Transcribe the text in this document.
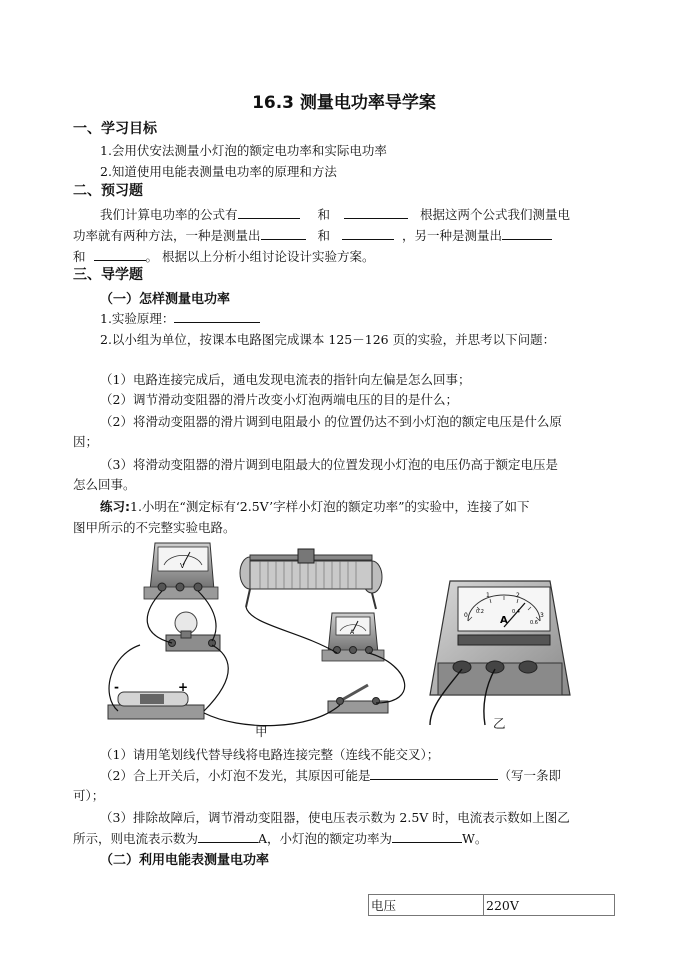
16.3 测量电功率导学案
一、学习目标
1.会用伏安法测量小灯泡的额定电功率和实际电功率
2.知道使用电能表测量电功率的原理和方法
二、预习题
我们计算电功率的公式有	和	根据这两个公式我们测量电
功率就有两种方法，一种是测量出	和	，另一种是测量出
和	。 根据以上分析小组讨论设计实验方案。
三、导学题
（一）怎样测量电功率
1.实验原理：
2.以小组为单位，按课本电路图完成课本 125－126 页的实验，并思考以下问题：
（1）电路连接完成后，通电发现电流表的指针向左偏是怎么回事；
（2）调节滑动变阻器的滑片改变小灯泡两端电压的目的是什么；
（2）将滑动变阻器的滑片调到电阻最小 的位置仍达不到小灯泡的额定电压是什么原
因；
（3）将滑动变阻器的滑片调到电阻最大的位置发现小灯泡的电压仍高于额定电压是
怎么回事。
练习:1.小明在“测定标有‘2.5V’字样小灯泡的额定功率”的实验中，连接了如下
图甲所示的不完整实验电路。
V
A
-	+
0
1	2
3
0.2	0.4
0.6
A
甲
乙
（1）请用笔划线代替导线将电路连接完整（连线不能交叉）；
（2）合上开关后，小灯泡不发光，其原因可能是	（写一条即
可）；
（3）排除故障后，调节滑动变阻器，使电压表示数为 2.5V 时，电流表示数如上图乙
所示，则电流表示数为	A，小灯泡的额定功率为	W。
（二）利用电能表测量电功率
电压	220V
